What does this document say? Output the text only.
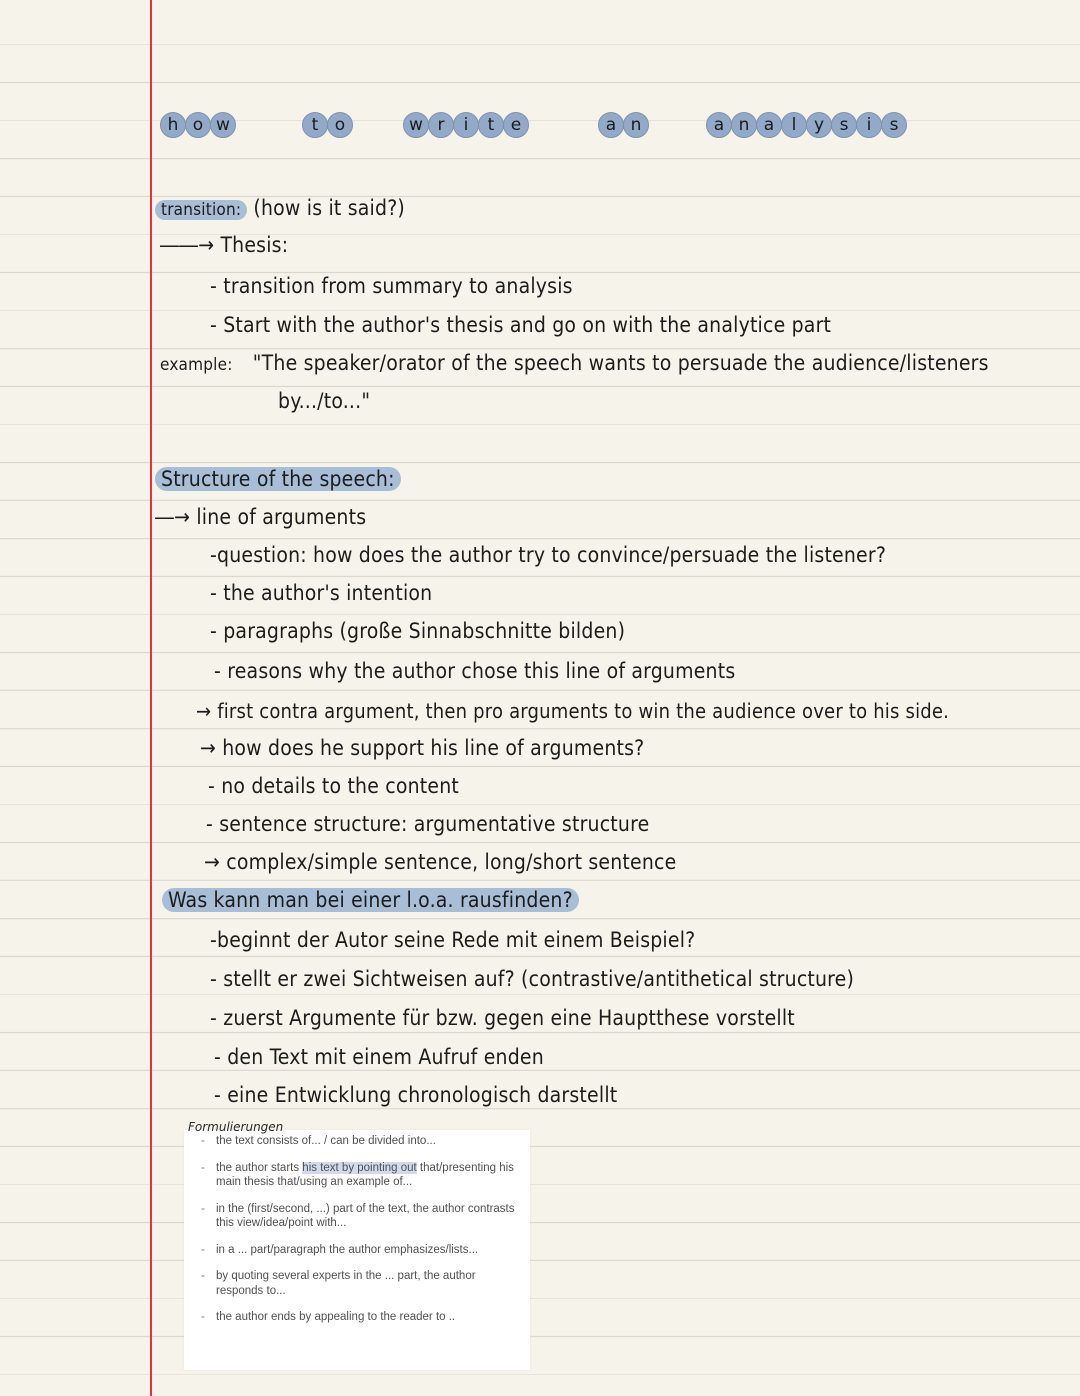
h o w	t o	w r	i	t e	a n	a n a	l	y s	i	s
transition: (how is it said?)
――→ Thesis:
- transition from summary to analysis
- Start with the author's thesis and go on with the analytice part
example: "The speaker/orator of the speech wants to persuade the audience/listeners
by.../to..."
Structure of the speech:
―→ line of arguments
-question: how does the author try to convince/persuade the listener?
- the author's intention
- paragraphs (große Sinnabschnitte bilden)
- reasons why the author chose this line of arguments
→ first contra argument, then pro arguments to win the audience over to his side.
→ how does he support his line of arguments?
- no details to the content
- sentence structure: argumentative structure
→ complex/simple sentence, long/short sentence
Was kann man bei einer l.o.a. rausfinden?
-beginnt der Autor seine Rede mit einem Beispiel?
- stellt er zwei Sichtweisen auf? (contrastive/antithetical structure)
- zuerst Argumente für bzw. gegen eine Hauptthese vorstellt
- den Text mit einem Aufruf enden
- eine Entwicklung chronologisch darstellt
Formulierungen
- the text consists of... / can be divided into...
- the author starts his text by pointing out that/presenting his main thesis that/using an example of...
- in the (first/second, ...) part of the text, the author contrasts this view/idea/point with...
- in a ... part/paragraph the author emphasizes/lists...
- by quoting several experts in the ... part, the author responds to...
- the author ends by appealing to the reader to ..
